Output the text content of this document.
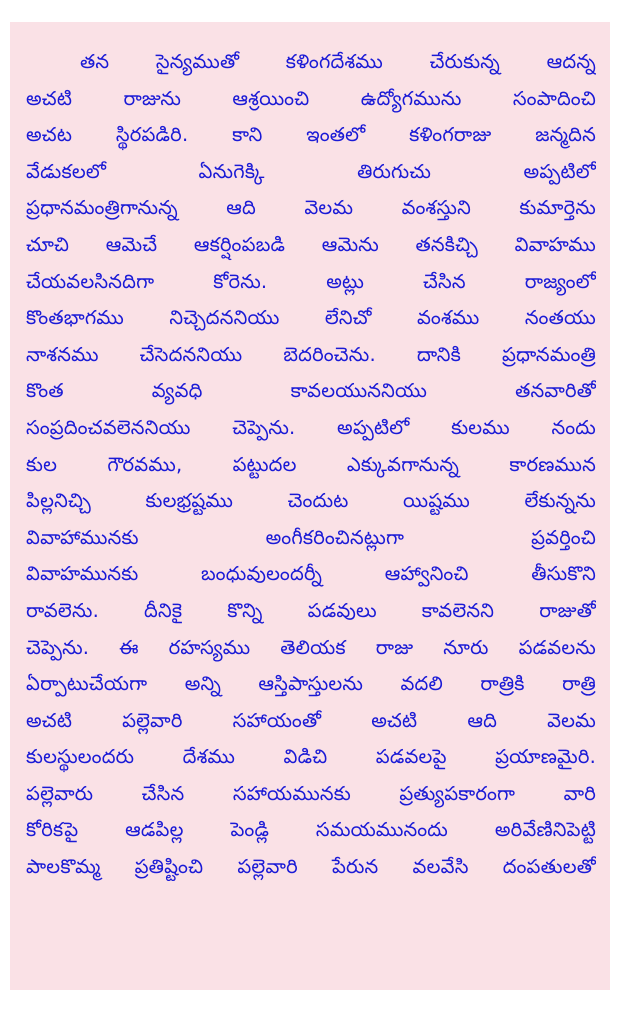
తన సైన్యముతో కళింగదేశము చేరుకున్న ఆదన్న
అచటి రాజును ఆశ్రయించి ఉద్యోగమును సంపాదించి
అచట స్థిరపడిరి. కాని ఇంతలో కళింగరాజు జన్మదిన
వేడుకలలో ఏనుగెక్కి తిరుగుచు అప్పటిలో
ప్రధానమంత్రిగానున్న ఆది వెలమ వంశస్తుని కుమార్తెను
చూచి ఆమెచే ఆకర్షింపబడి ఆమెను తనకిచ్చి వివాహము
చేయవలసినదిగా కోరెను. అట్లు చేసిన రాజ్యంలో
కొంతభాగము నిచ్చెదననియు లేనిచో వంశము నంతయు
నాశనము చేసెదననియు బెదరించెను. దానికి ప్రధానమంత్రి
కొంత వ్యవధి కావలయుననియు తనవారితో
సంప్రదించవలెననియు చెప్పెను. అప్పటిలో కులము నందు
కుల గౌరవము, పట్టుదల ఎక్కువగానున్న కారణమున
పిల్లనిచ్చి కులభ్రష్టము చెందుట యిష్టము లేకున్నను
వివాహామునకు అంగీకరించినట్లుగా ప్రవర్తించి
వివాహమునకు బంధువులందర్నీ ఆహ్వానించి తీసుకొని
రావలెను. దీనికై కొన్ని పడవులు కావలెనని రాజుతో
చెప్పెను. ఈ రహస్యము తెలియక రాజు నూరు పడవలను
ఏర్పాటుచేయగా అన్ని ఆస్తిపాస్తులను వదలి రాత్రికి రాత్రి
అచటి పల్లెవారి సహాయంతో అచటి ఆది వెలమ
కులస్థులందరు దేశము విడిచి పడవలపై ప్రయాణమైరి.
పల్లెవారు చేసిన సహాయమునకు ప్రత్యుపకారంగా వారి
కోరికపై ఆడపిల్ల పెండ్లి సమయమునందు అరివేణినిపెట్టి
పాలకొమ్మ ప్రతిష్టించి పల్లెవారి పేరున వలవేసి దంపతులతో
